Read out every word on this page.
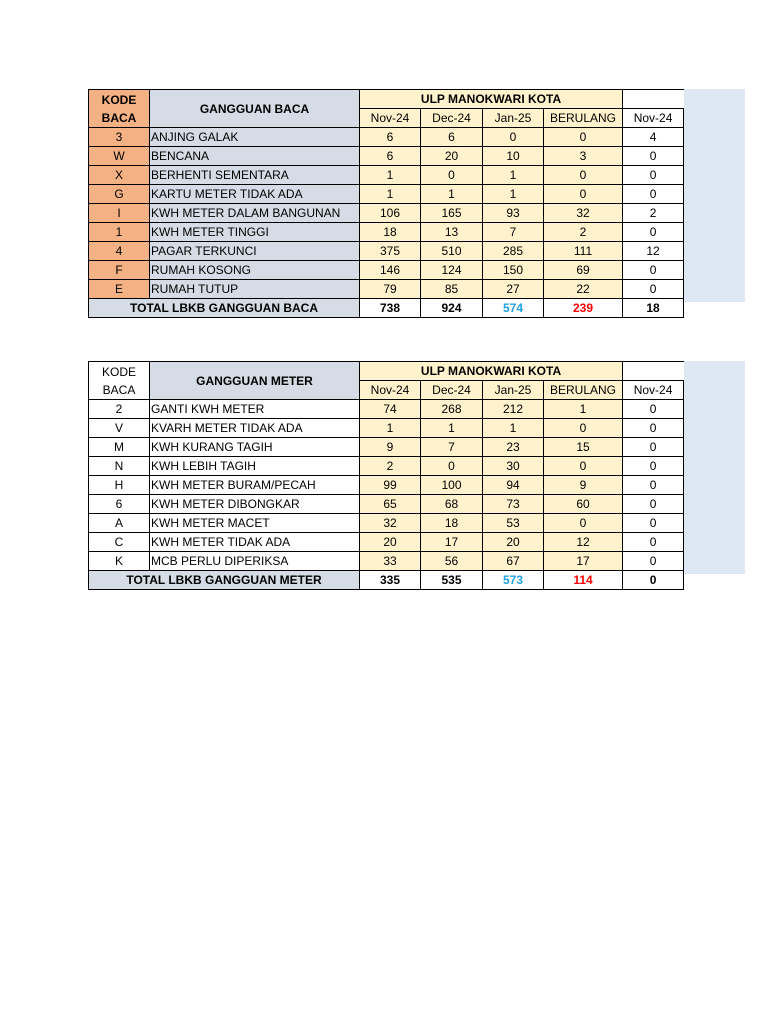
KODE
BACA	GANGGUAN BACA	ULP MANOKWARI KOTA				
		Nov-24	Dec-24	Jan-25	BERULANG	Nov-24
3	ANJING GALAK	6	6	0	0	4
W	BENCANA	6	20	10	3	0
X	BERHENTI SEMENTARA	1	0	1	0	0
G	KARTU METER TIDAK ADA	1	1	1	0	0
I	KWH METER DALAM BANGUNAN	106	165	93	32	2
1	KWH METER TINGGI	18	13	7	2	0
4	PAGAR TERKUNCI	375	510	285	111	12
F	RUMAH KOSONG	146	124	150	69	0
E	RUMAH TUTUP	79	85	27	22	0
TOTAL LBKB GANGGUAN BACA		738	924	574	239	18
KODE
BACA	GANGGUAN METER	ULP MANOKWARI KOTA				
		Nov-24	Dec-24	Jan-25	BERULANG	Nov-24
2	GANTI KWH METER	74	268	212	1	0
V	KVARH METER TIDAK ADA	1	1	1	0	0
M	KWH KURANG TAGIH	9	7	23	15	0
N	KWH LEBIH TAGIH	2	0	30	0	0
H	KWH METER BURAM/PECAH	99	100	94	9	0
6	KWH METER DIBONGKAR	65	68	73	60	0
A	KWH METER MACET	32	18	53	0	0
C	KWH METER TIDAK ADA	20	17	20	12	0
K	MCB PERLU DIPERIKSA	33	56	67	17	0
TOTAL LBKB GANGGUAN METER		335	535	573	114	0
